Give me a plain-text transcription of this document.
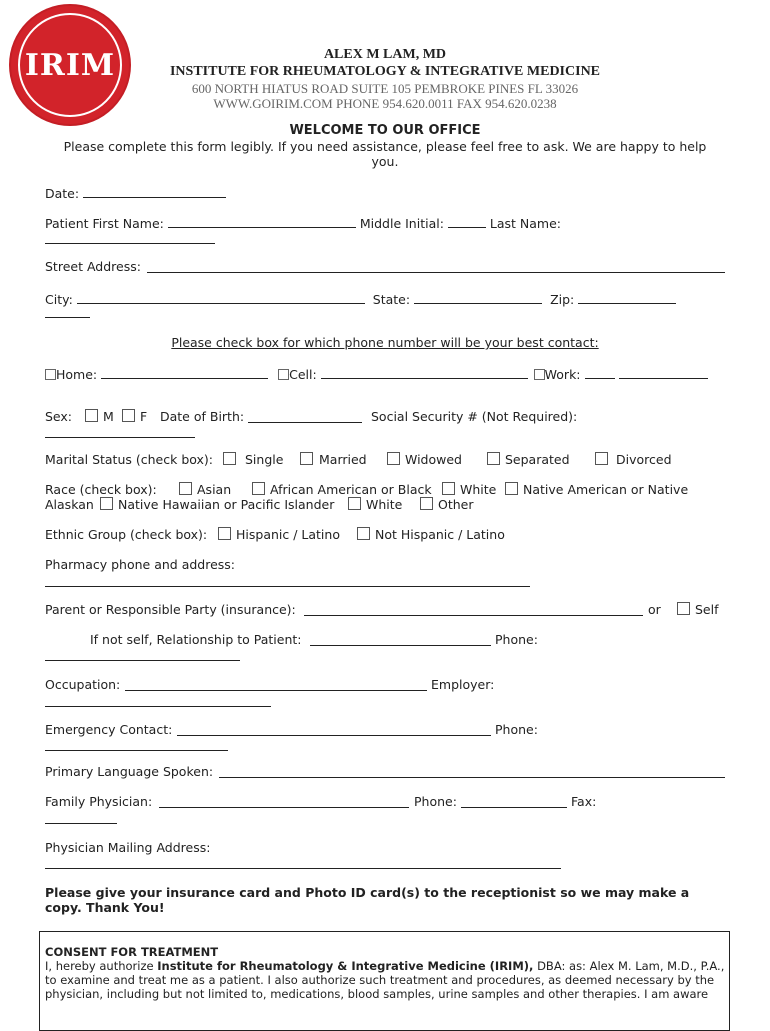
IRIM	ALEX M LAM, MD
INSTITUTE FOR RHEUMATOLOGY & INTEGRATIVE MEDICINE
600 NORTH HIATUS ROAD SUITE 105 PEMBROKE PINES FL 33026
WWW.GOIRIM.COM PHONE 954.620.0011 FAX 954.620.0238
WELCOME TO OUR OFFICE
Please complete this form legibly. If you need assistance, please feel free to ask. We are happy to help
you.
Date:
Patient First Name:	Middle Initial:	Last Name:
Street Address:
City:	State:	Zip:
Please check box for which phone number will be your best contact:
Home:	Cell:	Work:
Sex: M F Date of Birth:	Social Security # (Not Required):
Marital Status (check box):	Single	Married	Widowed	Separated	Divorced
Race (check box):	Asian	African American or Black White Native American or Native
Alaskan Native Hawaiian or Pacific Islander	White	Other
Ethnic Group (check box): Hispanic / Latino	Not Hispanic / Latino
Pharmacy phone and address:
Parent or Responsible Party (insurance):	or	Self
If not self, Relationship to Patient:	Phone:
Occupation:	Employer:
Emergency Contact:	Phone:
Primary Language Spoken:
Family Physician:	Phone:	Fax:
Physician Mailing Address:
Please give your insurance card and Photo ID card(s) to the receptionist so we may make a
copy. Thank You!
CONSENT FOR TREATMENT
I, hereby authorize Institute for Rheumatology & Integrative Medicine (IRIM), DBA: as: Alex M. Lam, M.D., P.A.,
to examine and treat me as a patient. I also authorize such treatment and procedures, as deemed necessary by the
physician, including but not limited to, medications, blood samples, urine samples and other therapies. I am aware
